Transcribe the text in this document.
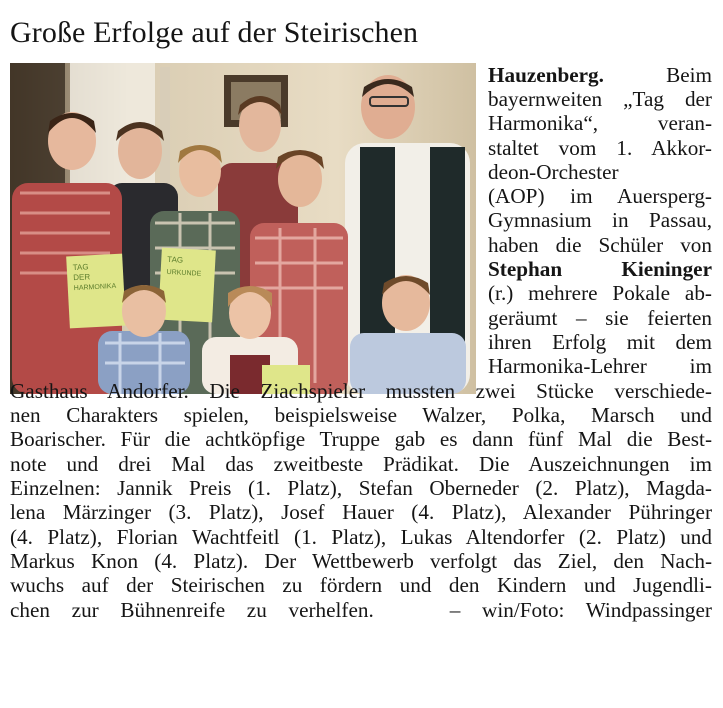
Große Erfolge auf der Steirischen
TAG
DER
HARMONIKA
TAG
URKUNDE
Hauzenberg.	Beim
bayernweiten „Tag der
Harmonika“, veran-
staltet vom 1. Akkor-
deon-Orchester
(AOP) im Auersperg-
Gymnasium in Passau,
haben die Schüler von
Stephan Kieninger
(r.) mehrere Pokale ab-
geräumt – sie feierten
ihren Erfolg mit dem
Harmonika-Lehrer im
Gasthaus Andorfer. Die Ziachspieler mussten zwei Stücke verschiede-
nen Charakters spielen, beispielsweise Walzer, Polka, Marsch und
Boarischer. Für die achtköpfige Truppe gab es dann fünf Mal die Best-
note und drei Mal das zweitbeste Prädikat. Die Auszeichnungen im
Einzelnen: Jannik Preis (1. Platz), Stefan Oberneder (2. Platz), Magda-
lena Märzinger (3. Platz), Josef Hauer (4. Platz), Alexander Pühringer
(4. Platz), Florian Wachtfeitl (1. Platz), Lukas Altendorfer (2. Platz) und
Markus Knon (4. Platz). Der Wettbewerb verfolgt das Ziel, den Nach-
wuchs auf der Steirischen zu fördern und den Kindern und Jugendli-
chen zur Bühnenreife zu verhelfen.	– win/Foto: Windpassinger
